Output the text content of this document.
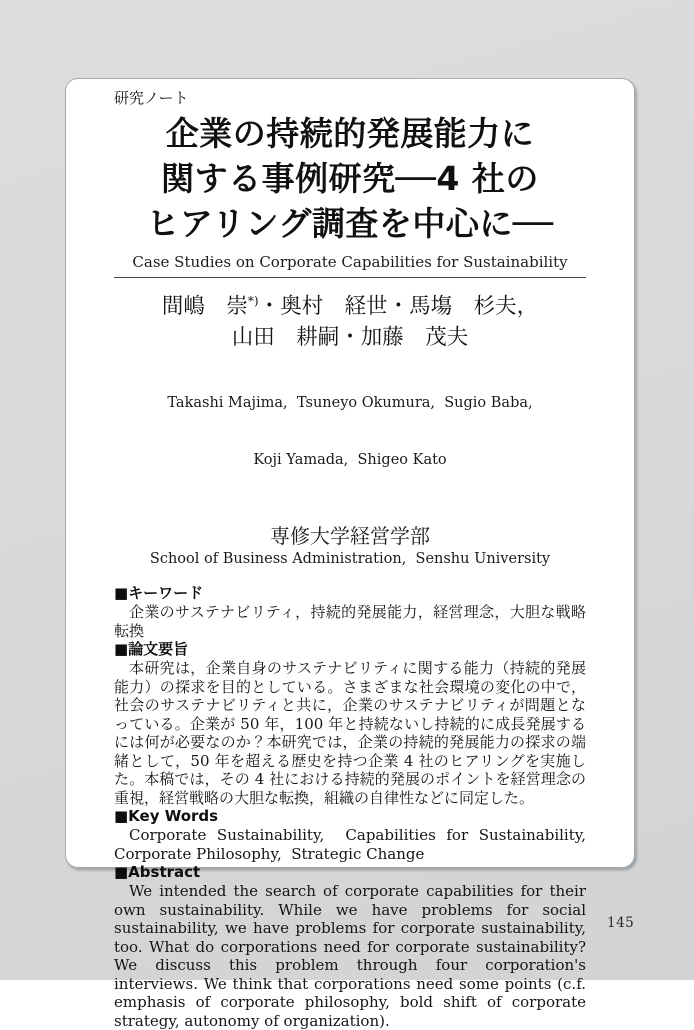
研究ノート
企業の持続的発展能力に
関する事例研究──4 社の
ヒアリング調査を中心に──
Case Studies on Corporate Capabilities for Sustainability
間嶋　崇*)・奥村　経世・馬塲　杉夫，
山田　耕嗣・加藤　茂夫

Takashi Majima,  Tsuneyo Okumura,  Sugio Baba,

Koji Yamada,  Shigeo Kato

専修大学経営学部
School of Business Administration,  Senshu University
■キーワード

企業のサステナビリティ，持続的発展能力，経営理念，大胆な戦略転換

■論文要旨

本研究は，企業自身のサステナビリティに関する能力（持続的発展能力）の探求を目的としている。さまざまな社会環境の変化の中で，社会のサステナビリティと共に，企業のサステナビリティが問題となっている。企業が 50 年，100 年と持続ないし持続的に成長発展するには何が必要なのか？本研究では，企業の持続的発展能力の探求の端緒として，50 年を超える歴史を持つ企業 4 社のヒアリングを実施した。本稿では，その 4 社における持続的発展のポイントを経営理念の重視，経営戦略の大胆な転換，組織の自律性などに同定した。

■Key Words

Corporate Sustainability,  Capabilities for Sustainability,  Corporate Philosophy,  Strategic Change

■Abstract

We intended the search of corporate capabilities for their own sustainability. While we have problems for social sustainability, we have problems for corporate sustainability, too. What do corporations need for corporate sustainability? We discuss this problem through four corporation's interviews. We think that corporations need some points (c.f. emphasis of corporate philosophy, bold shift of corporate strategy, autonomy of organization).

145
